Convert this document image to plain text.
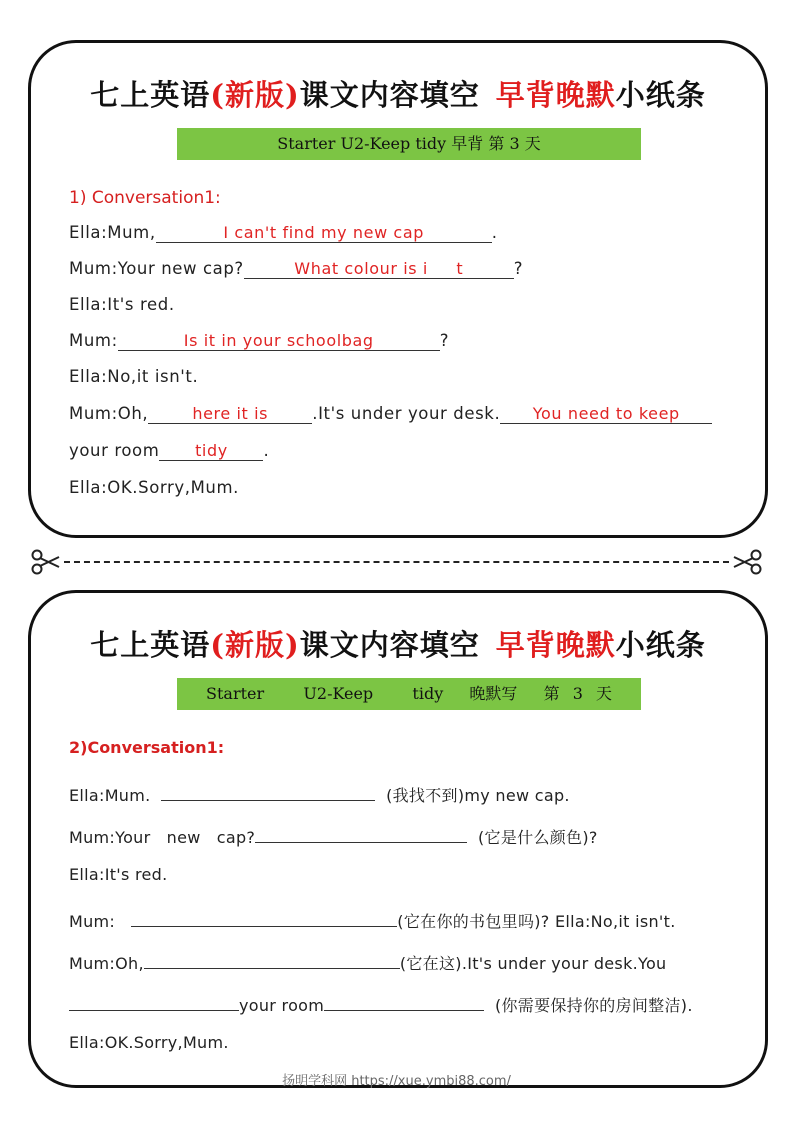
七上英语(新版)课文内容填空 早背晚默小纸条
Starter U2-Keep tidy 早背 第 3 天
1) Conversation1:
Ella:Mum,	I can't find my new cap	.
Mum:Your new cap?	What colour is i     t	?
Ella:It's red.
Mum:	Is it in your schoolbag	?
Ella:No,it isn't.
Mum:Oh,	here it is	.It's under your desk. You need to keep
your room tidy .
Ella:OK.Sorry,Mum.
七上英语(新版)课文内容填空 早背晚默小纸条
Starter   U2-Keep   tidy  晚默写  第 3 天
2)Conversation1:
Ella:Mum.	(我找不到)my new cap.
Mum:Your   new   cap?	(它是什么颜色)?
Ella:It's red.
Mum:	(它在你的书包里吗)? Ella:No,it isn't.
Mum:Oh,	(它在这).It's under your desk.You
your room	(你需要保持你的房间整洁).
Ella:OK.Sorry,Mum.
扬明学科网 https://xue.ymbi88.com/
